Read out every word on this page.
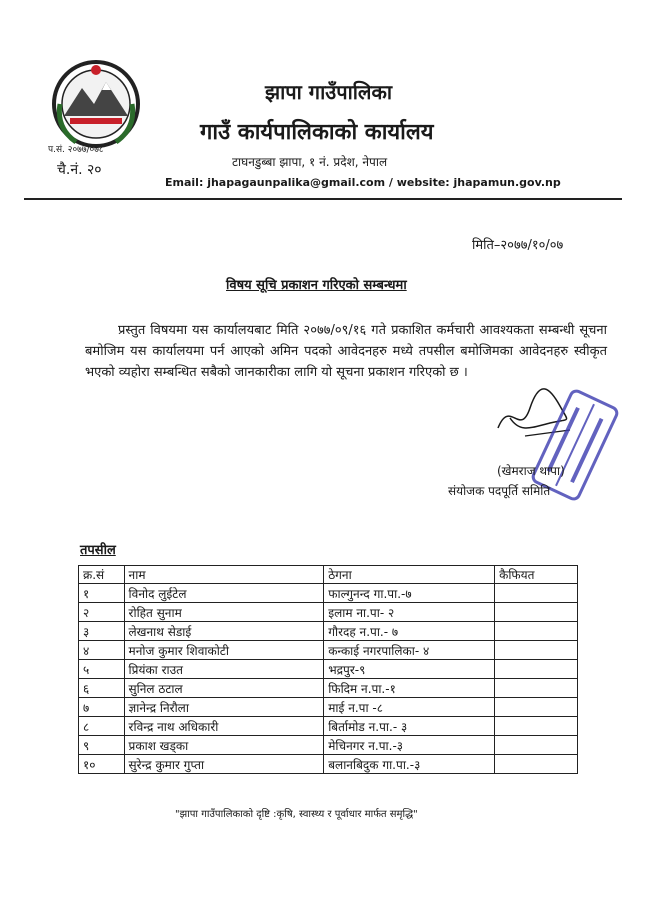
प.सं. २०७७/०७८
चै.नं. २०
झापा गाउँपालिका
गाउँ कार्यपालिकाको कार्यालय
टाघनडुब्बा झापा, १ नं. प्रदेश, नेपाल
Email: jhapagaunpalika@gmail.com / website: jhapamun.gov.np
मिति–२०७७/१०/०७
विषय सूचि प्रकाशन गरिएको सम्बन्धमा
प्रस्तुत विषयमा यस कार्यालयबाट मिति २०७७/०९/१६ गते प्रकाशित कर्मचारी आवश्यकता सम्बन्धी सूचना बमोजिम यस कार्यालयमा पर्न आएको अमिन पदको आवेदनहरु मध्ये तपसील बमोजिमका आवेदनहरु स्वीकृत भएको व्यहोरा सम्बन्धित सबैको जानकारीका लागि यो सूचना प्रकाशन गरिएको छ ।
(खेमराज थापा)
संयोजक पदपूर्ति समिति
तपसील
क्र.सं	नाम	ठेगना	कैफियत
१	विनोद लुईटेल	फाल्गुनन्द गा.पा.-७	
२	रोहित सुनाम	इलाम ना.पा- २	
३	लेखनाथ सेडाई	गौरदह न.पा.- ७	
४	मनोज कुमार शिवाकोटी	कन्काई नगरपालिका- ४	
५	प्रियंका राउत	भद्रपुर-९	
६	सुनिल ठटाल	फिदिम न.पा.-१	
७	ज्ञानेन्द्र निरौला	माई न.पा -८	
८	रविन्द्र नाथ अधिकारी	बिर्तामोड न.पा.- ३	
९	प्रकाश खड्का	मेचिनगर न.पा.-३	
१०	सुरेन्द्र कुमार गुप्ता	बलानबिदुक गा.पा.-३	
"झापा गाउँपालिकाको दृष्टि :कृषि, स्वास्थ्य र पूर्वाधार मार्फत समृद्धि"
